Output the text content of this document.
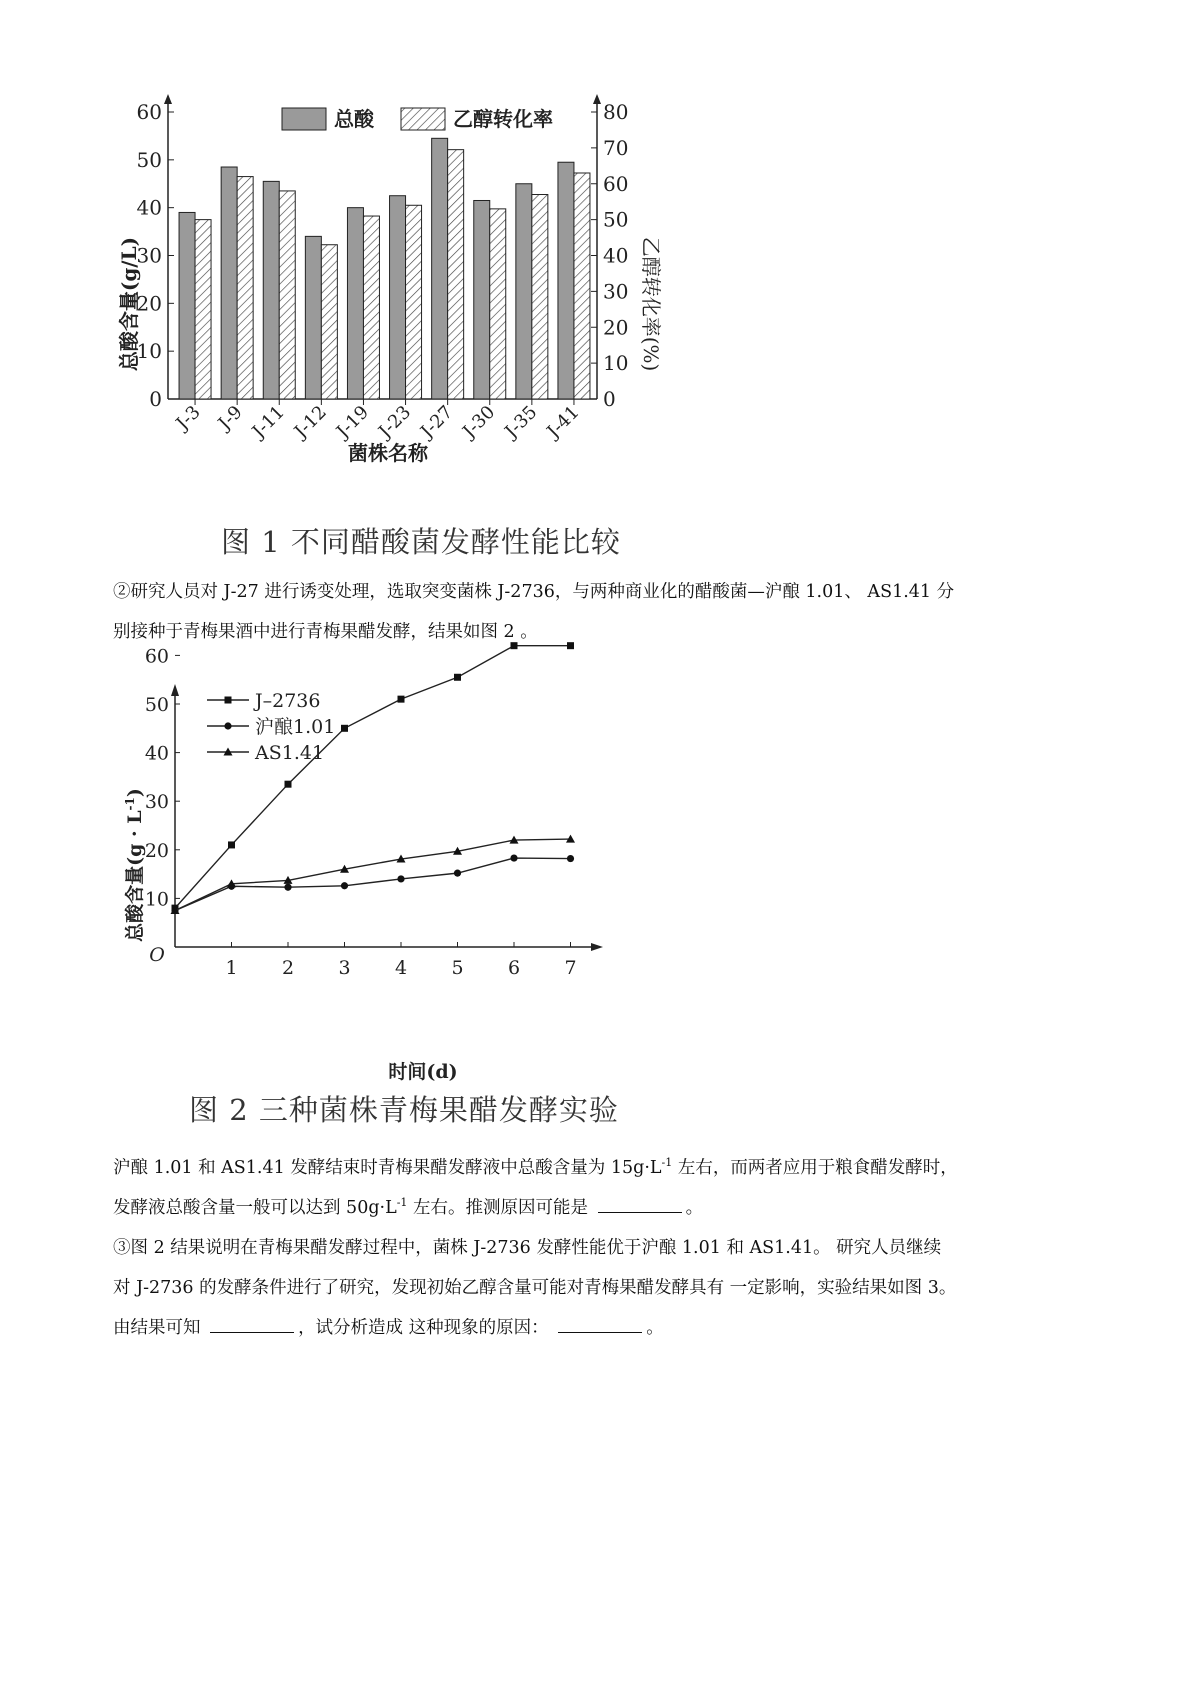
0
10
20
30
40
50
60
0
10
20
30
40
50
60
70
80
J-3 J-9 J-11 J-12 J-19 J-23 J-27 J-30 J-35 J-41
总酸	乙醇转化率
总酸含量(g/L)	乙醇转化率(%)
菌株名称
图 1 不同醋酸菌发酵性能比较

②研究人员对 J-27 进行诱变处理，选取突变菌株 J-2736，与两种商业化的醋酸菌—沪酿 1.01、 AS1.41 分

别接种于青梅果酒中进行青梅果醋发酵，结果如图 2 。

O
10
20
30
40
50
60
1 2 3 4 5 6 7
J–2736
沪酿1.01
AS1.41
总酸含量$(g \cdot L^{-1})$
时间(d)
图 2 三种菌株青梅果醋发酵实验

沪酿 1.01 和 AS1.41 发酵结束时青梅果醋发酵液中总酸含量为 $15g\cdot L^{-1}$ 左右，而两者应用于粮食醋发酵时，

发酵液总酸含量一般可以达到 $50g\cdot L^{-1}$ 左右。推测原因可能是	。

③图 2 结果说明在青梅果醋发酵过程中，菌株 J-2736 发酵性能优于沪酿 1.01 和 AS1.41。 研究人员继续

对 J-2736 的发酵条件进行了研究，发现初始乙醇含量可能对青梅果醋发酵具有 一定影响，实验结果如图 3。

由结果可知	，试分析造成 这种现象的原因：	。
